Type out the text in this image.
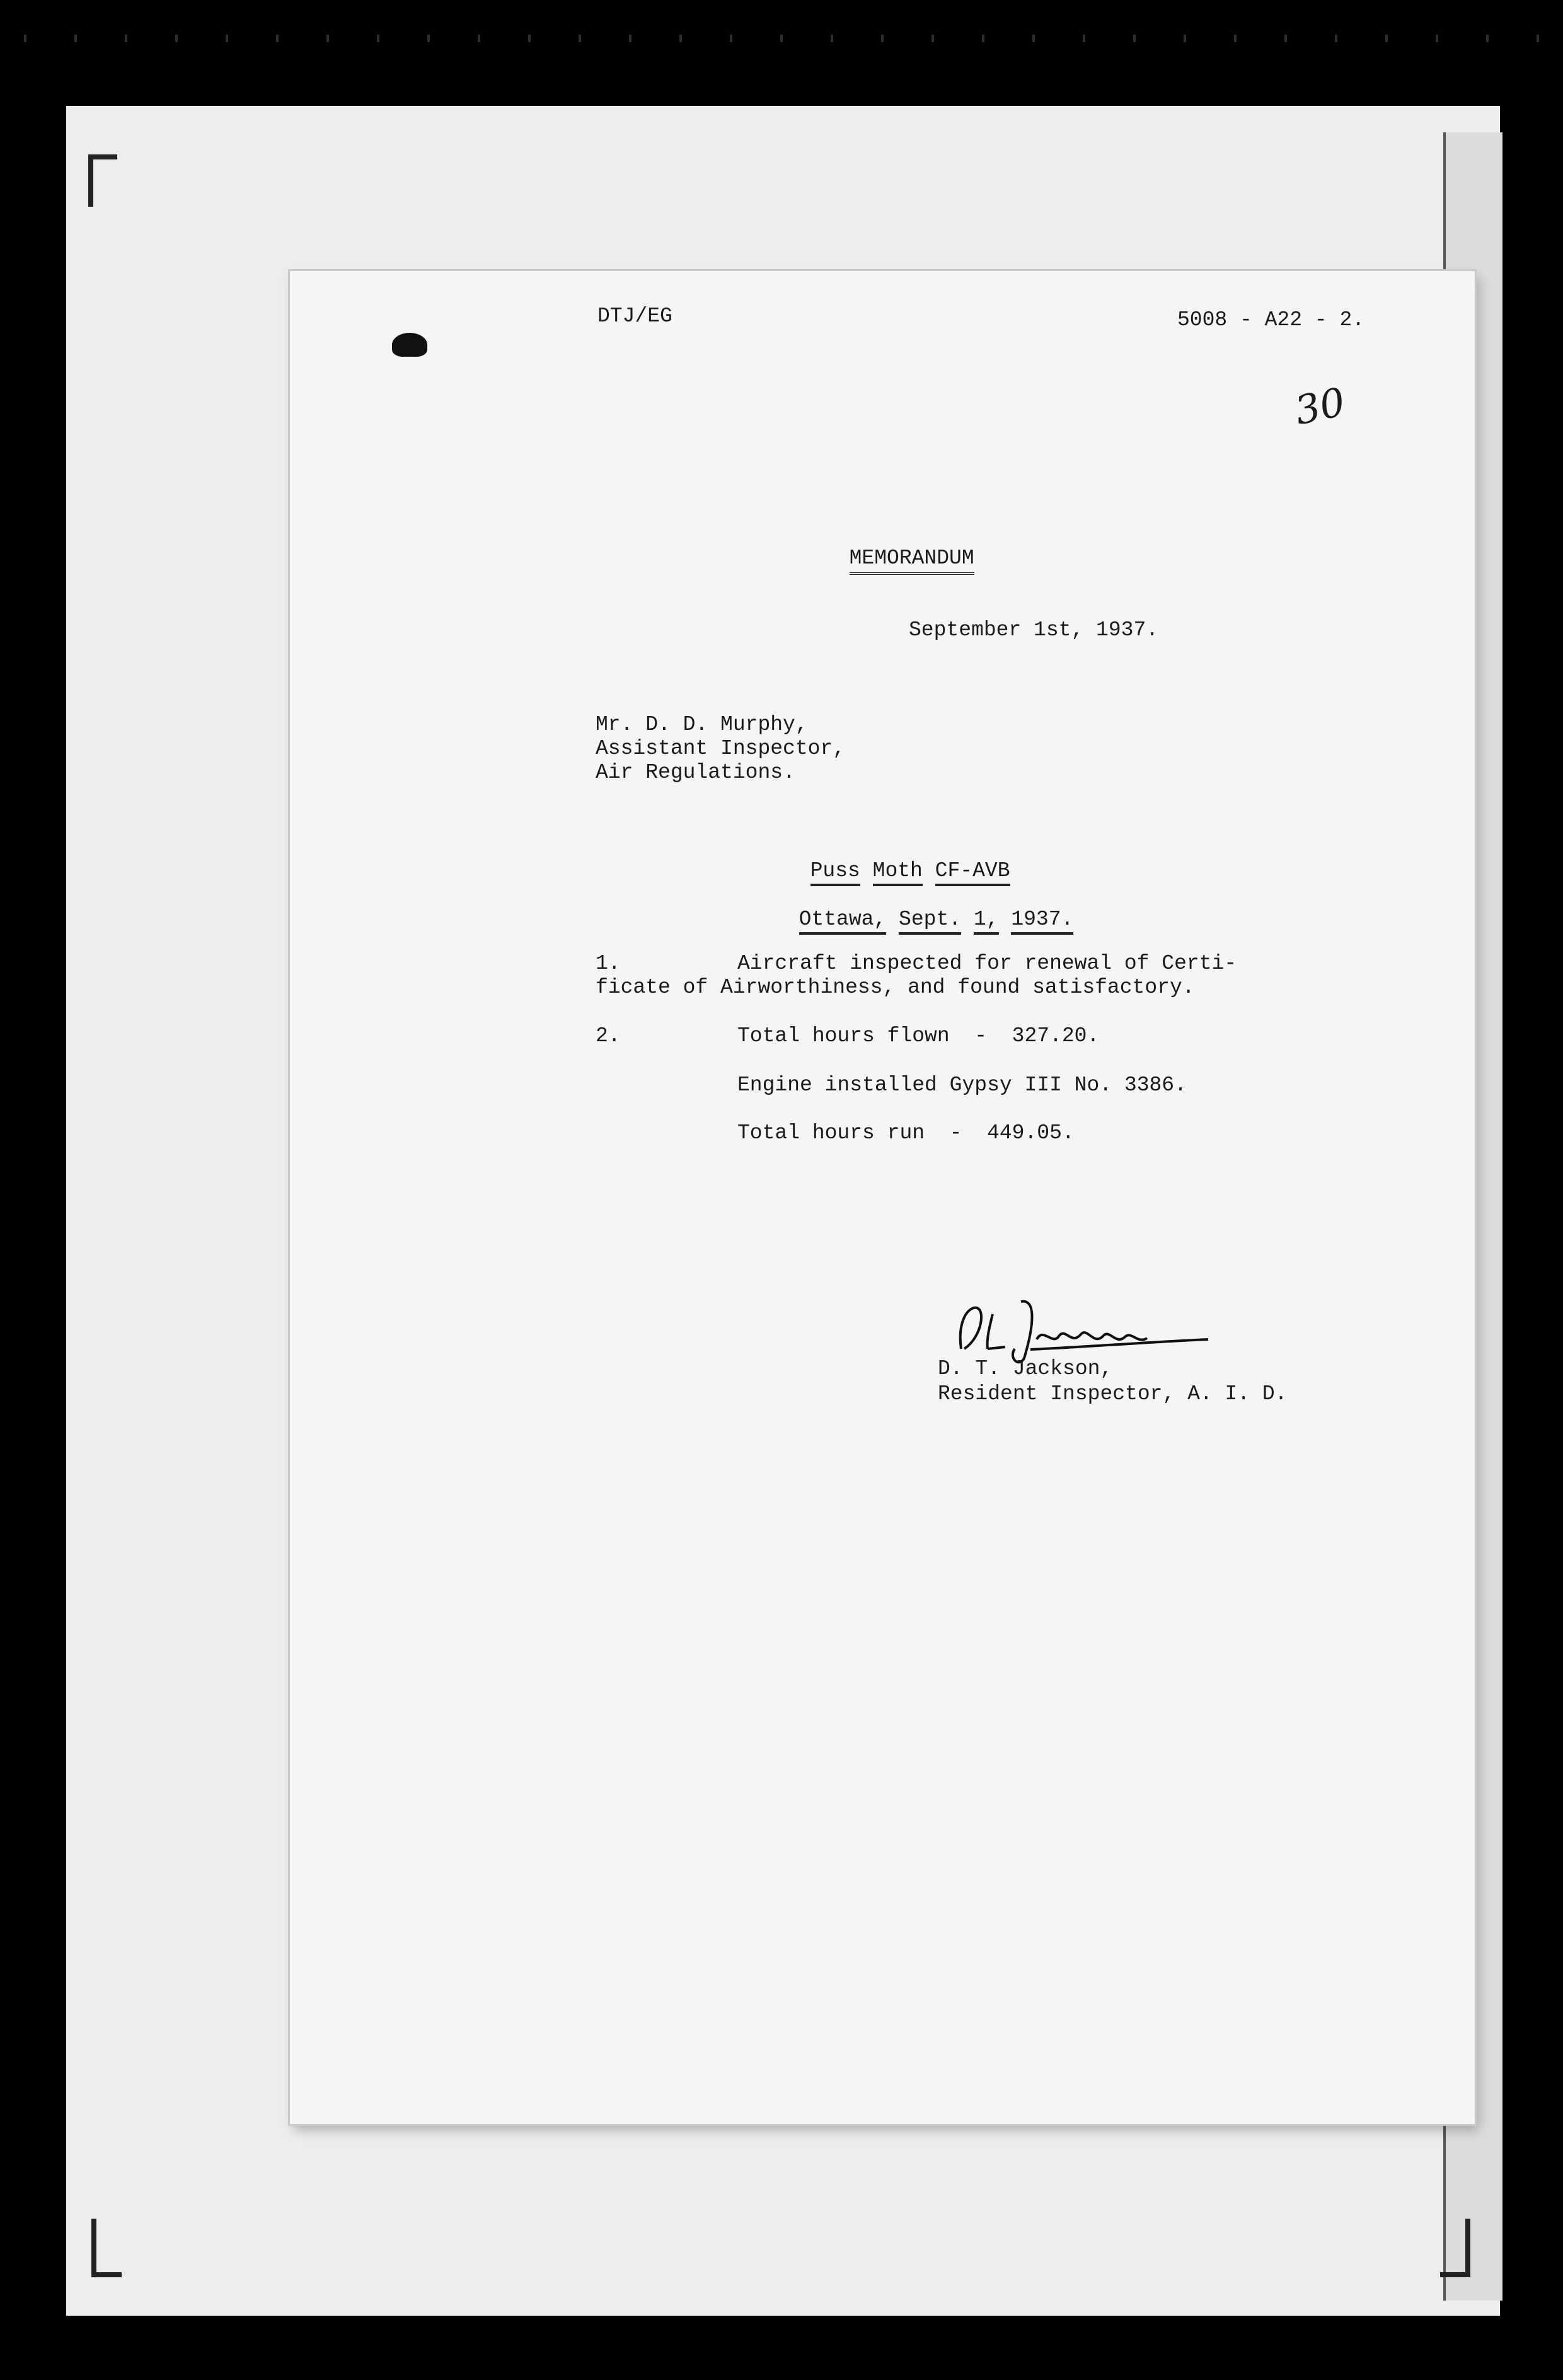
DTJ/EG	5008 - A22 - 2.
30

MEMORANDUM

September 1st, 1937.
Mr. D. D. Murphy,
Assistant Inspector,
Air Regulations.

Puss Moth CF-AVB

Ottawa, Sept. 1, 1937.

1.	Aircraft inspected for renewal of Certi-
ficate of Airworthiness, and found satisfactory.
2.	Total hours flown  -  327.20.
Engine installed Gypsy III No. 3386.
Total hours run  -  449.05.
D. T. Jackson,
Resident Inspector, A. I. D.
